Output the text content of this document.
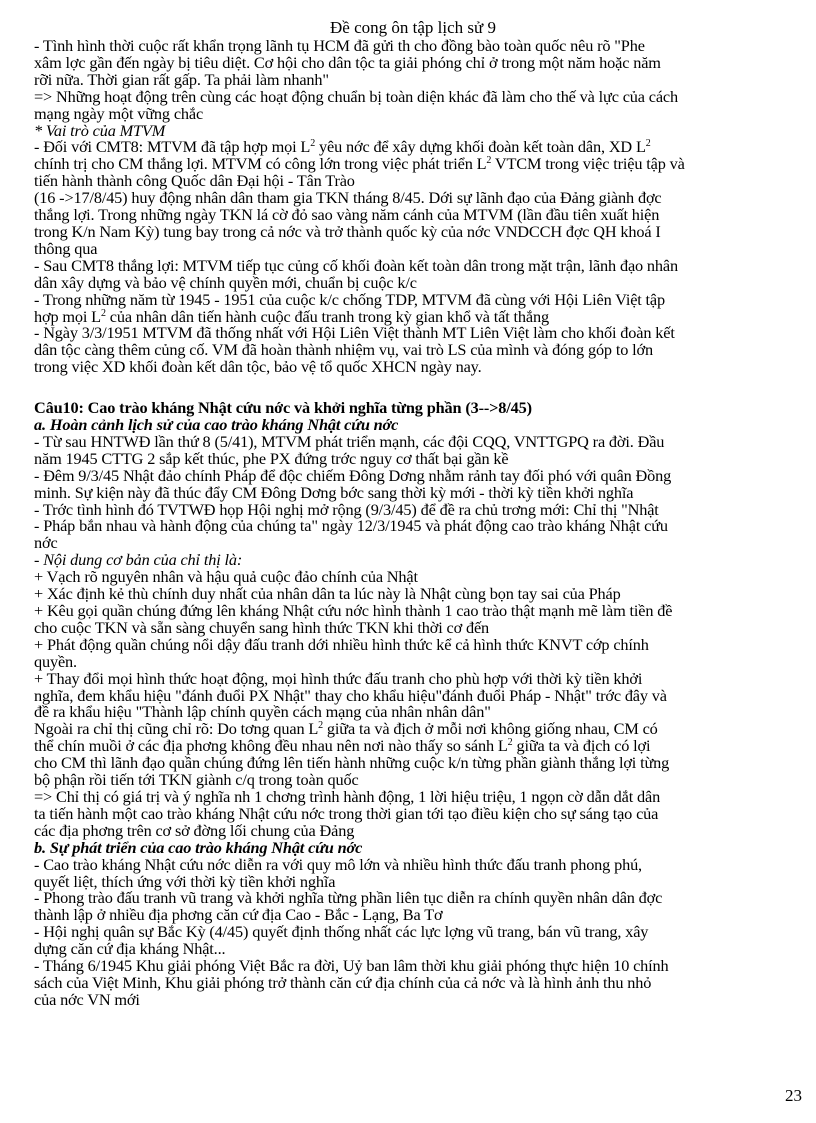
Đề cong ôn tập lịch sử 9
- Tình hình thời cuộc rất khẩn trọng lãnh tụ HCM đã gửi th cho đồng bào toàn quốc nêu rõ "Phe
xâm lợc gần đến ngày bị tiêu diệt. Cơ hội cho dân tộc ta giải phóng chỉ ở trong một năm hoặc năm
rỡi nữa. Thời gian rất gấp. Ta phải làm nhanh"
=> Những hoạt động trên cùng các hoạt động chuẩn bị toàn diện khác đã làm cho thế và lực của cách
mạng ngày một vững chắc
* Vai trò của MTVM
- Đối với CMT8: MTVM đã tập hợp mọi $L^2$ yêu nớc để xây dựng khối đoàn kết toàn dân, XD $L^2$
chính trị cho CM thắng lợi. MTVM có công lớn trong việc phát triển $L^2$ VTCM trong việc triệu tập và
tiến hành thành công Quốc dân Đại hội - Tân Trào
(16 ->17/8/45) huy động nhân dân tham gia TKN tháng 8/45. Dới sự lãnh đạo của Đảng giành đợc
thắng lợi. Trong những ngày TKN lá cờ đỏ sao vàng năm cánh của MTVM (lần đầu tiên xuất hiện
trong K/n Nam Kỳ) tung bay trong cả nớc và trở thành quốc kỳ của nớc VNDCCH đợc QH khoá I
thông qua
- Sau CMT8 thắng lợi: MTVM tiếp tục củng cố khối đoàn kết toàn dân trong mặt trận, lãnh đạo nhân
dân xây dựng và bảo vệ chính quyền mới, chuẩn bị cuộc k/c
- Trong những năm từ 1945 - 1951 của cuộc k/c chống TDP, MTVM đã cùng với Hội Liên Việt tập
hợp mọi $L^2$ của nhân dân tiến hành cuộc đấu tranh trong kỳ gian khổ và tất thắng
- Ngày 3/3/1951 MTVM đã thống nhất với Hội Liên Việt thành MT Liên Việt làm cho khối đoàn kết
dân tộc càng thêm củng cố. VM đã hoàn thành nhiệm vụ, vai trò LS của mình và đóng góp to lớn
trong việc XD khối đoàn kết dân tộc, bảo vệ tổ quốc XHCN ngày nay.
Câu10: Cao trào kháng Nhật cứu nớc và khởi nghĩa từng phần (3-->8/45)
a. Hoàn cảnh lịch sử của cao trào kháng Nhật cứu nớc
- Từ sau HNTWĐ lần thứ 8 (5/41), MTVM phát triển mạnh, các đội CQQ, VNTTGPQ ra đời. Đầu
năm 1945 CTTG 2 sắp kết thúc, phe PX đứng trớc nguy cơ thất bại gần kề
- Đêm 9/3/45 Nhật đảo chính Pháp để độc chiếm Đông Dơng nhằm rảnh tay đối phó với quân Đồng
minh. Sự kiện này đã thúc đẩy CM Đông Dơng bớc sang thời kỳ mới - thời kỳ tiền khởi nghĩa
- Trớc tình hình đó TVTWĐ họp Hội nghị mở rộng (9/3/45) để đề ra chủ trơng mới: Chỉ thị "Nhật
- Pháp bắn nhau và hành động của chúng ta" ngày 12/3/1945 và phát động cao trào kháng Nhật cứu
nớc
- Nội dung cơ bản của chỉ thị là:
+ Vạch rõ nguyên nhân và hậu quả cuộc đảo chính của Nhật
+ Xác định kẻ thù chính duy nhất của nhân dân ta lúc này là Nhật cùng bọn tay sai của Pháp
+ Kêu gọi quần chúng đứng lên kháng Nhật cứu nớc hình thành 1 cao trào thật mạnh mẽ làm tiền đề
cho cuộc TKN và sẵn sàng chuyển sang hình thức TKN khi thời cơ đến
+ Phát động quần chúng nổi dậy đấu tranh dới nhiều hình thức kể cả hình thức KNVT cớp chính
quyền.
+ Thay đổi mọi hình thức hoạt động, mọi hình thức đấu tranh cho phù hợp với thời kỳ tiền khởi
nghĩa, đem khẩu hiệu "đánh đuổi PX Nhật" thay cho khẩu hiệu"đánh đuổi Pháp - Nhật" trớc đây và
đề ra khẩu hiệu "Thành lập chính quyền cách mạng của nhân nhân dân"
Ngoài ra chỉ thị cũng chỉ rõ: Do tơng quan $L^2$ giữa ta và địch ở mỗi nơi không giống nhau, CM có
thể chín muồi ở các địa phơng không đều nhau nên nơi nào thấy so sánh $L^2$ giữa ta và địch có lợi
cho CM thì lãnh đạo quần chúng đứng lên tiến hành những cuộc k/n từng phần giành thắng lợi từng
bộ phận rồi tiến tới TKN giành c/q trong toàn quốc
=> Chỉ thị có giá trị và ý nghĩa nh 1 chơng trình hành động, 1 lời hiệu triệu, 1 ngọn cờ dẫn dắt dân
ta tiến hành một cao trào kháng Nhật cứu nớc trong thời gian tới tạo điều kiện cho sự sáng tạo của
các địa phơng trên cơ sở đờng lối chung của Đảng
b. Sự phát triển của cao trào kháng Nhật cứu nớc
- Cao trào kháng Nhật cứu nớc diễn ra với quy mô lớn và nhiều hình thức đấu tranh phong phú,
quyết liệt, thích ứng với thời kỳ tiền khởi nghĩa
- Phong trào đấu tranh vũ trang và khởi nghĩa từng phần liên tục diễn ra chính quyền nhân dân đợc
thành lập ở nhiều địa phơng căn cứ địa Cao - Bắc - Lạng, Ba Tơ
- Hội nghị quân sự Bắc Kỳ (4/45) quyết định thống nhất các lực lợng vũ trang, bán vũ trang, xây
dựng căn cứ địa kháng Nhật...
- Tháng 6/1945 Khu giải phóng Việt Bắc ra đời, Uỷ ban lâm thời khu giải phóng thực hiện 10 chính
sách của Việt Minh, Khu giải phóng trở thành căn cứ địa chính của cả nớc và là hình ảnh thu nhỏ
của nớc VN mới
23
